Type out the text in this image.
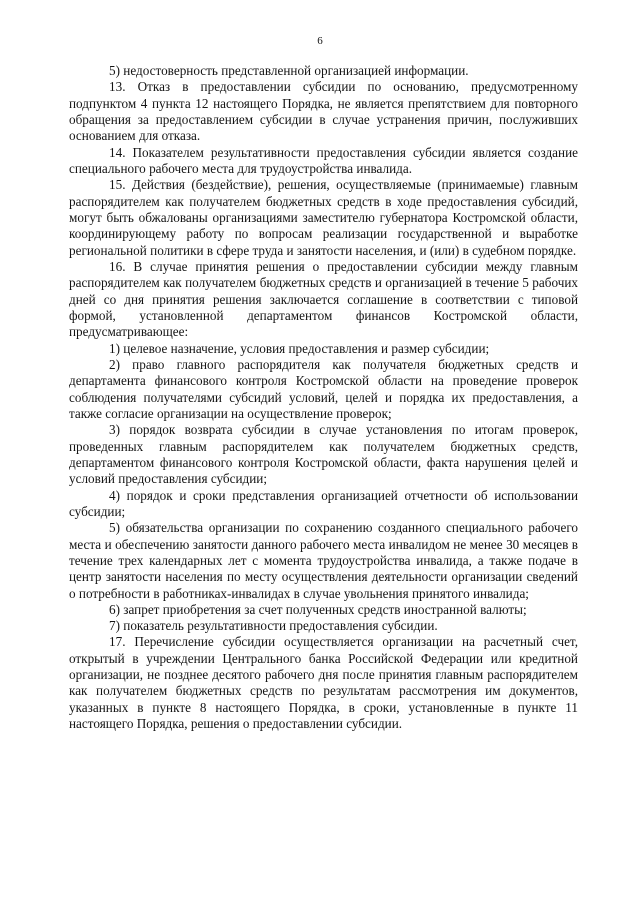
6

5) недостоверность представленной организацией информации.

13. Отказ в предоставлении субсидии по основанию, предусмотренному подпунктом 4 пункта 12 настоящего Порядка, не является препятствием для повторного обращения за предоставлением субсидии в случае устранения причин, послуживших основанием для отказа.

14. Показателем результативности предоставления субсидии является создание специального рабочего места для трудоустройства инвалида.

15. Действия (бездействие), решения, осуществляемые (принимаемые) главным распорядителем как получателем бюджетных средств в ходе предоставления субсидий, могут быть обжалованы организациями заместителю губернатора Костромской области, координирующему работу по вопросам реализации государственной и выработке региональной политики в сфере труда и занятости населения, и (или) в судебном порядке.

16. В случае принятия решения о предоставлении субсидии между главным распорядителем как получателем бюджетных средств и организацией в течение 5 рабочих дней со дня принятия решения заключается соглашение в соответствии с типовой формой, установленной департаментом финансов Костромской области, предусматривающее:

1) целевое назначение, условия предоставления и размер субсидии;

2) право главного распорядителя как получателя бюджетных средств и департамента финансового контроля Костромской области на проведение проверок соблюдения получателями субсидий условий, целей и порядка их предоставления, а также согласие организации на осуществление проверок;

3) порядок возврата субсидии в случае установления по итогам проверок, проведенных главным распорядителем как получателем бюджетных средств, департаментом финансового контроля Костромской области, факта нарушения целей и условий предоставления субсидии;

4) порядок и сроки представления организацией отчетности об использовании субсидии;

5) обязательства организации по сохранению созданного специального рабочего места и обеспечению занятости данного рабочего места инвалидом не менее 30 месяцев в течение трех календарных лет с момента трудоустройства инвалида, а также подаче в центр занятости населения по месту осуществления деятельности организации сведений о потребности в работниках-инвалидах в случае увольнения принятого инвалида;

6) запрет приобретения за счет полученных средств иностранной валюты;

7) показатель результативности предоставления субсидии.

17. Перечисление субсидии осуществляется организации на расчетный счет, открытый в учреждении Центрального банка Российской Федерации или кредитной организации, не позднее десятого рабочего дня после принятия главным распорядителем как получателем бюджетных средств по результатам рассмотрения им документов, указанных в пункте 8 настоящего Порядка, в сроки, установленные в пункте 11 настоящего Порядка, решения о предоставлении субсидии.
